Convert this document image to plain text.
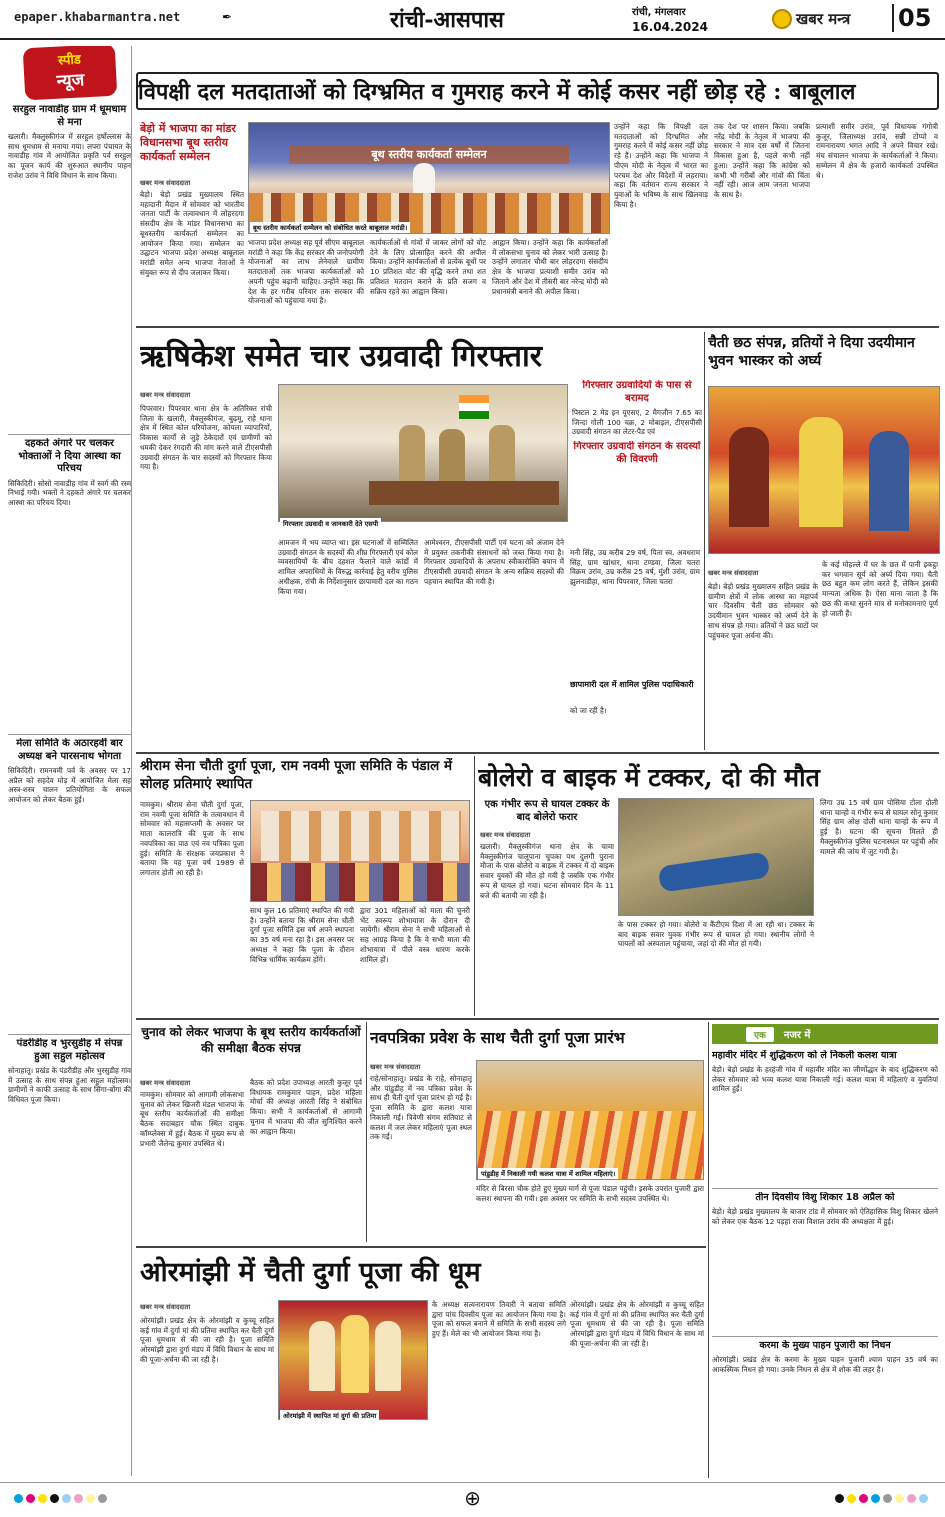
epaper.khabarmantra.net	✒	रांची-आसपास	रांची, मंगलवार
16.04.2024	खबर मन्त्र 05
स्पीड
न्यूज
सरहुल नावाडीह ग्राम में धूमधाम से मना
खलारी। मैक्लुस्कीगंज में सरहुल हर्षोल्लास के साथ धूमधाम से मनाया गया। लपरा पंचायत के नावाडीह गांव में आयोजित प्रकृति पर्व सरहुल का पूजन कार्य की शुरुआत स्थानीय पाहन राजेश उरांव ने विधि विधान के साथ किया।
दहकते अंगारे पर चलकर भोक्ताओं ने दिया आस्था का परिचय
सिकिदिरी। सोसो नावाडीह गांव में स्वर्ग की रस्म निभाई गयी। भक्तों ने दहकते अंगारे पर चलकर आस्था का परिचय दिया।
मेला समिति के अठारहवीं बार अध्यक्ष बने पारसनाथ भोगता
सिकिदिरी। रामनवमी पर्व के अवसर पर 17 अप्रैल को सहदेव मोड़ में आयोजित मेला सह अस्त्र-शस्त्र चालन प्रतियोगिता के सफल आयोजन को लेकर बैठक हुई।
पंडरीडीह व भुरसुडीह में संपन्न हुआ सहुल महोत्सव
सोनाहातू। प्रखंड के पंडरीडीह और भुरसुडीह गांव में उत्साह के साथ संपन्न हुआ सहुल महोत्सव। ग्रामीणों ने काफी उत्साह के साथ सिंगा-बोंगा की विधिवत पूजा किया।
विपक्षी दल मतदाताओं को दिग्भ्रमित व गुमराह करने में कोई कसर नहीं छोड़ रहे : बाबूलाल
बेड़ो में भाजपा का मांडर विधानसभा बूथ स्तरीय कार्यकर्ता सम्मेलन
खबर मन्त्र संवाददाता
बेड़ो। बेड़ो प्रखंड मुख्यालय स्थित महादानी मैदान में सोमवार को भारतीय जनता पार्टी के तत्वावधान में लोहरदगा संसदीय क्षेत्र के मांडर विधानसभा का बूथस्तरीय कार्यकर्ता सम्मेलन का आयोजन किया गया। सम्मेलन का उद्घाटन भाजपा प्रदेश अध्यक्ष बाबूलाल मरांडी समेत अन्य भाजपा नेताओं ने संयुक्त रूप से दीप जलाकर किया।
बूथ स्तरीय कार्यकर्ता सम्मेलन
बूथ स्तरीय कार्यकर्ता सम्मेलन को संबोधित करते बाबूलाल मरांडी।
भाजपा प्रदेश अध्यक्ष सह पूर्व सीएम बाबूलाल मरांडी ने कहा कि केंद्र सरकार की जनोपयोगी योजनाओं का लाभ लेनेवाले ग्रामीण मतदाताओं तक भाजपा कार्यकर्ताओं को अपनी पहुंच बढ़ानी चाहिए। उन्होंने कहा कि देश के हर गरीब परिवार तक सरकार की योजनाओं को पहुंचाया गया है।
कार्यकर्ताओं से गांवों में जाकर लोगों को वोट देने के लिए प्रोत्साहित करने की अपील किया। उन्होंने कार्यकर्ताओं से प्रत्येक बूथों पर 10 प्रतिशत वोट की वृद्धि करने तथा शत प्रतिशत मतदान कराने के प्रति सजग व सक्रिय रहने का आह्वान किया।
आह्वान किया। उन्होंने कहा कि कार्यकर्ताओं में लोकसभा चुनाव को लेकर भारी उत्साह है। उन्होंने लगातार चौथी बार लोहरदगा संसदीय क्षेत्र के भाजपा प्रत्याशी समीर उरांव को जिताने और देश में तीसरी बार नरेन्द्र मोदी को प्रधानमंत्री बनाने की अपील किया।
उन्होंने कहा कि विपक्षी दल मतदाताओं को दिग्भ्रमित और गुमराह करने में कोई कसर नहीं छोड़ रहे हैं। उन्होंने कहा कि भाजपा ने पीएम मोदी के नेतृत्व में भारत का परचम देश और विदेशों में लहराया। कहा कि वर्तमान राज्य सरकार ने युवाओं के भविष्य के साथ खिलवाड़ किया है।
तक देश पर शासन किया। जबकि नरेंद्र मोदी के नेतृत्व में भाजपा की सरकार ने मात्र दस वर्षों में जितना विकास हुआ है, पहले कभी नहीं हुआ। उन्होंने कहा कि कांग्रेस को कभी भी गरीबों और गांवों की चिंता नहीं रही। आज आम जनता भाजपा के साथ है।
प्रत्याशी समीर उरांव, पूर्व विधायक गंगोत्री कुजूर, जिलाध्यक्ष उरांव, सन्नी टोप्पो व रामनारायण भगत आदि ने अपने विचार रखे। मंच संचालन भाजपा के कार्यकर्ताओं ने किया। सम्मेलन में क्षेत्र के हजारों कार्यकर्ता उपस्थित थे।
ऋषिकेश समेत चार उग्रवादी गिरफ्तार
खबर मन्त्र संवाददाता
पिपरवार। पिपरवार थाना क्षेत्र के अतिरिक्त रांची जिला के खलारी, मैक्लुस्कीगंज, बुढ़मू, राहे थाना क्षेत्र में स्थित कोल परियोजना, कोयला व्यापारियों, विकास कार्यों से जुड़े ठेकेदारों एवं ग्रामीणों को धमकी देकर रंगदारी की मांग करने वाले टीएसपीसी उग्रवादी संगठन के चार सदस्यों को गिरफ्तार किया गया है।
गिरफ्तार उग्रवादी व जानकारी देते एसपी
गिरफ्तार उग्रवादियों के पास से बरामद
पिस्टल 2 मेड इन यूएसए, 2 मैगजीन 7.65 का जिन्दा गोली 100 चक्र, 2 मोबाइल, टीएसपीसी उग्रवादी संगठन का लेटर-पैड एवं
गिरफ्तार उग्रवादी संगठन के सदस्यों की विवरणी
आमजन में भय व्याप्त था। इस घटनाओं में सम्मिलित उग्रवादी संगठन के सदस्यों की शीघ्र गिरफ्तारी एवं कोल व्यवसायियों के बीच दहशत फैलाने वाले कांडों में शामिल अपराधियों के विरुद्ध कार्रवाई हेतु वरीय पुलिस अधीक्षक, रांची के निर्देशानुसार छापामारी दल का गठन किया गया।
आमेश्वरन, टीएसपीसी पार्टी एवं घटना को अंजाम देने में प्रयुक्त तकनीकी संसाधनों को जब्त किया गया है। गिरफ्तार उग्रवादियों के अपराध स्वीकारोक्ति बयान में टीएसपीसी उग्रवादी संगठन के अन्य सक्रिय सदस्यों की पहचान स्थापित की गयी है।
मनी सिंह, उम्र करीब 29 वर्ष, पिता स्व. अवधराम सिंह, ग्राम खांधार, थाना टण्डवा, जिला चतरा विक्रम उरांव, उम्र करीब 25 वर्ष, मुंशी उरांव, ग्राम झुलनाडीहा, थाना पिपरवार, जिला चतरा
छापामारी दल में शामिल पुलिस पदाधिकारी
को जा रही है।
चैती छठ संपन्न, व्रतियों ने दिया उदयीमान भुवन भास्कर को अर्घ्य
खबर मन्त्र संवाददाता
बेड़ो। बेड़ो प्रखंड मुख्यालय सहित प्रखंड के ग्रामीण क्षेत्रों में लोक आस्था का महापर्व चार दिवसीय चैती छठ सोमवार को उदयीमान भुवन भास्कर को अर्घ्य देने के साथ संपन्न हो गया। व्रतियों ने छठ घाटों पर पहुंचकर पूजा अर्चना की।
के कई मोहल्ले में घर के छत में पानी इकट्ठा कर भगवान सूर्य को अर्घ्य दिया गया। चैती छठ बहुत कम लोग करते हैं, लेकिन इसकी मान्यता अधिक है। ऐसा माना जाता है कि छठ की कथा सुनने मात्र से मनोकामनाएं पूर्ण हो जाती हैं।
श्रीराम सेना चौती दुर्गा पूजा, राम नवमी पूजा समिति के पंडाल में सोलह प्रतिमाएं स्थापित
नामकुम। श्रीराम सेना चौती दुर्गा पूजा, राम नवमी पूजा समिति के तत्वावधान में सोमवार को महासप्तमी के अवसर पर माता कालरात्रि की पूजा के साथ नवपत्रिका का पाठ एवं नव पत्रिका पूजा हुई। समिति के संरक्षक जयप्रकाश ने बताया कि यह पूजा वर्ष 1989 से लगातार होती आ रही है।
साथ कुल 16 प्रतिमाएं स्थापित की गयी है। उन्होंने बताया कि श्रीराम सेना चौती दुर्गा पूजा समिति इस वर्ष अपने स्थापना का 35 वर्ष मना रहा है। इस अवसर पर अध्यक्ष ने कहा कि पूजा के दौरान विभिन्न धार्मिक कार्यक्रम होंगे।
द्वारा 301 महिलाओं को माता की चुनरी भेंट स्वरूप शोभायात्रा के दौरान दी जायेगी। श्रीराम सेना ने सभी महिलाओं से सह आग्रह किया है कि वे सभी माता की शोभायात्रा में पीले वस्त्र धारण करके शामिल हों।
बोलेरो व बाइक में टक्कर, दो की मौत
एक गंभीर रूप से घायल टक्कर के बाद बोलेरो फरार
खबर मन्त्र संवाददाता
खलारी। मैक्लुस्कीगंज थाना क्षेत्र के चामा मैक्लुस्कीगंज चालूपाना चुपका पथ दुलगी पुराना मौजा के पास बोलेरो व बाइक में टक्कर में दो बाइक सवार युवकों की मौत हो गयी है जबकि एक गंभीर रूप से घायल हो गया। घटना सोमवार दिन के 11 बजे की बतायी जा रही है।
के पास टक्कर हो गया। बोलेरो व कैंटीएम दिशा में आ रही था। टक्कर के बाद बाइक सवार युवक गंभीर रूप से घायल हो गया। स्थानीय लोगों ने घायलों को अस्पताल पहुंचाया, जहां दो की मौत हो गयी।
लिगा उम्र 15 वर्ष ग्राम पोसिया टोला दोली थाना चान्हो व गंभीर रूप से घायल सोनू कुमार सिंह ग्राम ओक्ष दोली थाना चान्हो के रूप में हुई है। घटना की सूचना मिलते ही मैक्लुस्कीगंज पुलिस घटनास्थल पर पहुंची और मामले की जांच में जुट गयी है।
चुनाव को लेकर भाजपा के बूथ स्तरीय कार्यकर्ताओं की समीक्षा बैठक संपन्न
खबर मन्त्र संवाददाता
नामकुम। सोमवार को आगामी लोकसभा चुनाव को लेकर खिजरी मंडल भाजपा के बूथ स्तरीय कार्यकर्ताओं की समीक्षा बैठक सदाबहार चौक स्थित दाबुक कॉम्प्लेक्स में हुई। बैठक में मुख्य रूप से प्रभारी जैलेन्द्र कुमार उपस्थित थे।
बैठक को प्रदेश उपाध्यक्ष आरती कुजूर पूर्व विधायक रामकुमार पाहन, प्रदेश महिला मोर्चा की अध्यक्ष आरती सिंह ने संबोधित किया। सभी ने कार्यकर्ताओं से आगामी चुनाव में भाजपा की जीत सुनिश्चित करने का आह्वान किया।
नवपत्रिका प्रवेश के साथ चैती दुर्गा पूजा प्रारंभ
खबर मन्त्र संवाददाता
राहे/सोनाहातू। प्रखंड के राहे, सोनाहातू और पांडुडीह में नव पत्रिका प्रवेश के साथ ही चैती दुर्गा पूजा प्रारंभ हो गई है। पूजा समिति के द्वारा कलश यात्रा निकाली गई। त्रिवेणी संगम सतिघाट से कलश में जल लेकर महिलाएं पूजा स्थल तक गईं।
पांडुडीह में निकाली गयी कलश यात्रा में शामिल महिलाएं।
मंदिर से बिरसा चौक होते हुए मुख्य मार्ग से पूजा पंडाल पहुंची। इसके उपरांत पुजारी द्वारा कलश स्थापना की गयी। इस अवसर पर समिति के सभी सदस्य उपस्थित थे।
ओरमांझी में चैती दुर्गा पूजा की धूम
खबर मन्त्र संवाददाता
ओरमांझी। प्रखंड क्षेत्र के ओरमांझी व कुच्चू सहित कई गांव में दुर्गा मां की प्रतिमा स्थापित कर चैती दुर्गा पूजा धूमधाम से की जा रही है। पूजा समिति ओरमांझी द्वारा दुर्गा मंडप में विधि विधान के साथ मां की पूजा-अर्चना की जा रही है।
ओरमांझी में स्थापित मां दुर्गा की प्रतिमा
के अध्यक्ष सत्यनारायण तिवारी ने बताया समिति द्वारा पांच दिवसीय पूजा का आयोजन किया गया है। पूजा को सफल बनाने में समिति के सभी सदस्य लगे हुए हैं। मेले का भी आयोजन किया गया है।
ओरमांझी। प्रखंड क्षेत्र के ओरमांझी व कुच्चू सहित कई गांव में दुर्गा मां की प्रतिमा स्थापित कर चैती दुर्गा पूजा धूमधाम से की जा रही है। पूजा समिति ओरमांझी द्वारा दुर्गा मंडप में विधि विधान के साथ मां की पूजा-अर्चना की जा रही है।
एक	नजर में
महावीर मंदिर में शुद्धिकरण को ले निकली कलश यात्रा
बेड़ो। बेड़ो प्रखंड के हरहंजी गांव में महावीर मंदिर का जीर्णोद्धार के बाद शुद्धिकरण को लेकर सोमवार को भव्य कलश यात्रा निकाली गई। कलश यात्रा में महिलाएं व युवतियां शामिल हुईं।
तीन दिवसीय विशु शिकार 18 अप्रैल को
बेड़ो। बेड़ो प्रखंड मुख्यालय के बाजार टांड में सोमवार को ऐतिहासिक विशु शिकार खेलने को लेकर एक बैठक 12 पड़हा राजा विशाल उरांव की अध्यक्षता में हुई।
करमा के मुख्य पाहन पुजारी का निधन
ओरमांझी। प्रखंड क्षेत्र के करमा के मुख्य पाहन पुजारी श्याम पाहन 35 वर्ष का आकस्मिक निधन हो गया। उनके निधन से क्षेत्र में शोक की लहर है।
⊕
